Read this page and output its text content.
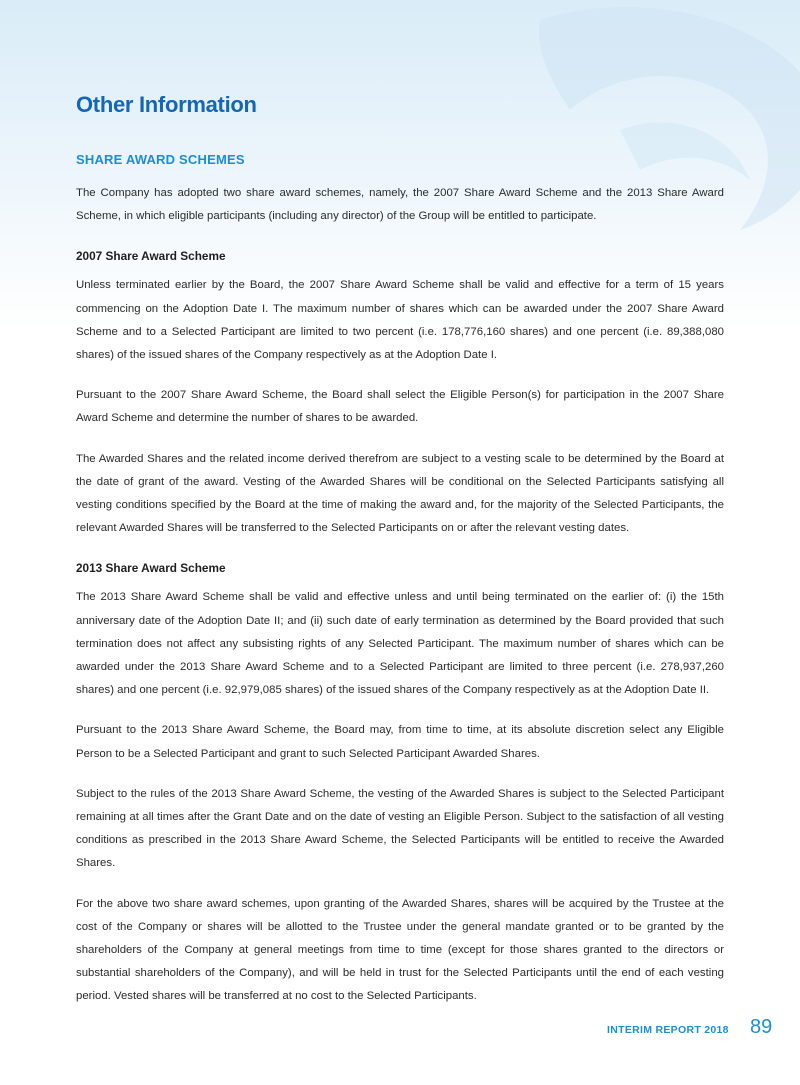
Other Information
SHARE AWARD SCHEMES

The Company has adopted two share award schemes, namely, the 2007 Share Award Scheme and the 2013 Share Award Scheme, in which eligible participants (including any director) of the Group will be entitled to participate.

2007 Share Award Scheme

Unless terminated earlier by the Board, the 2007 Share Award Scheme shall be valid and effective for a term of 15 years commencing on the Adoption Date I. The maximum number of shares which can be awarded under the 2007 Share Award Scheme and to a Selected Participant are limited to two percent (i.e. 178,776,160 shares) and one percent (i.e. 89,388,080 shares) of the issued shares of the Company respectively as at the Adoption Date I.

Pursuant to the 2007 Share Award Scheme, the Board shall select the Eligible Person(s) for participation in the 2007 Share Award Scheme and determine the number of shares to be awarded.

The Awarded Shares and the related income derived therefrom are subject to a vesting scale to be determined by the Board at the date of grant of the award. Vesting of the Awarded Shares will be conditional on the Selected Participants satisfying all vesting conditions specified by the Board at the time of making the award and, for the majority of the Selected Participants, the relevant Awarded Shares will be transferred to the Selected Participants on or after the relevant vesting dates.

2013 Share Award Scheme

The 2013 Share Award Scheme shall be valid and effective unless and until being terminated on the earlier of: (i) the 15th anniversary date of the Adoption Date II; and (ii) such date of early termination as determined by the Board provided that such termination does not affect any subsisting rights of any Selected Participant. The maximum number of shares which can be awarded under the 2013 Share Award Scheme and to a Selected Participant are limited to three percent (i.e. 278,937,260 shares) and one percent (i.e. 92,979,085 shares) of the issued shares of the Company respectively as at the Adoption Date II.

Pursuant to the 2013 Share Award Scheme, the Board may, from time to time, at its absolute discretion select any Eligible Person to be a Selected Participant and grant to such Selected Participant Awarded Shares.

Subject to the rules of the 2013 Share Award Scheme, the vesting of the Awarded Shares is subject to the Selected Participant remaining at all times after the Grant Date and on the date of vesting an Eligible Person. Subject to the satisfaction of all vesting conditions as prescribed in the 2013 Share Award Scheme, the Selected Participants will be entitled to receive the Awarded Shares.

For the above two share award schemes, upon granting of the Awarded Shares, shares will be acquired by the Trustee at the cost of the Company or shares will be allotted to the Trustee under the general mandate granted or to be granted by the shareholders of the Company at general meetings from time to time (except for those shares granted to the directors or substantial shareholders of the Company), and will be held in trust for the Selected Participants until the end of each vesting period. Vested shares will be transferred at no cost to the Selected Participants.

INTERIM REPORT 2018 89
